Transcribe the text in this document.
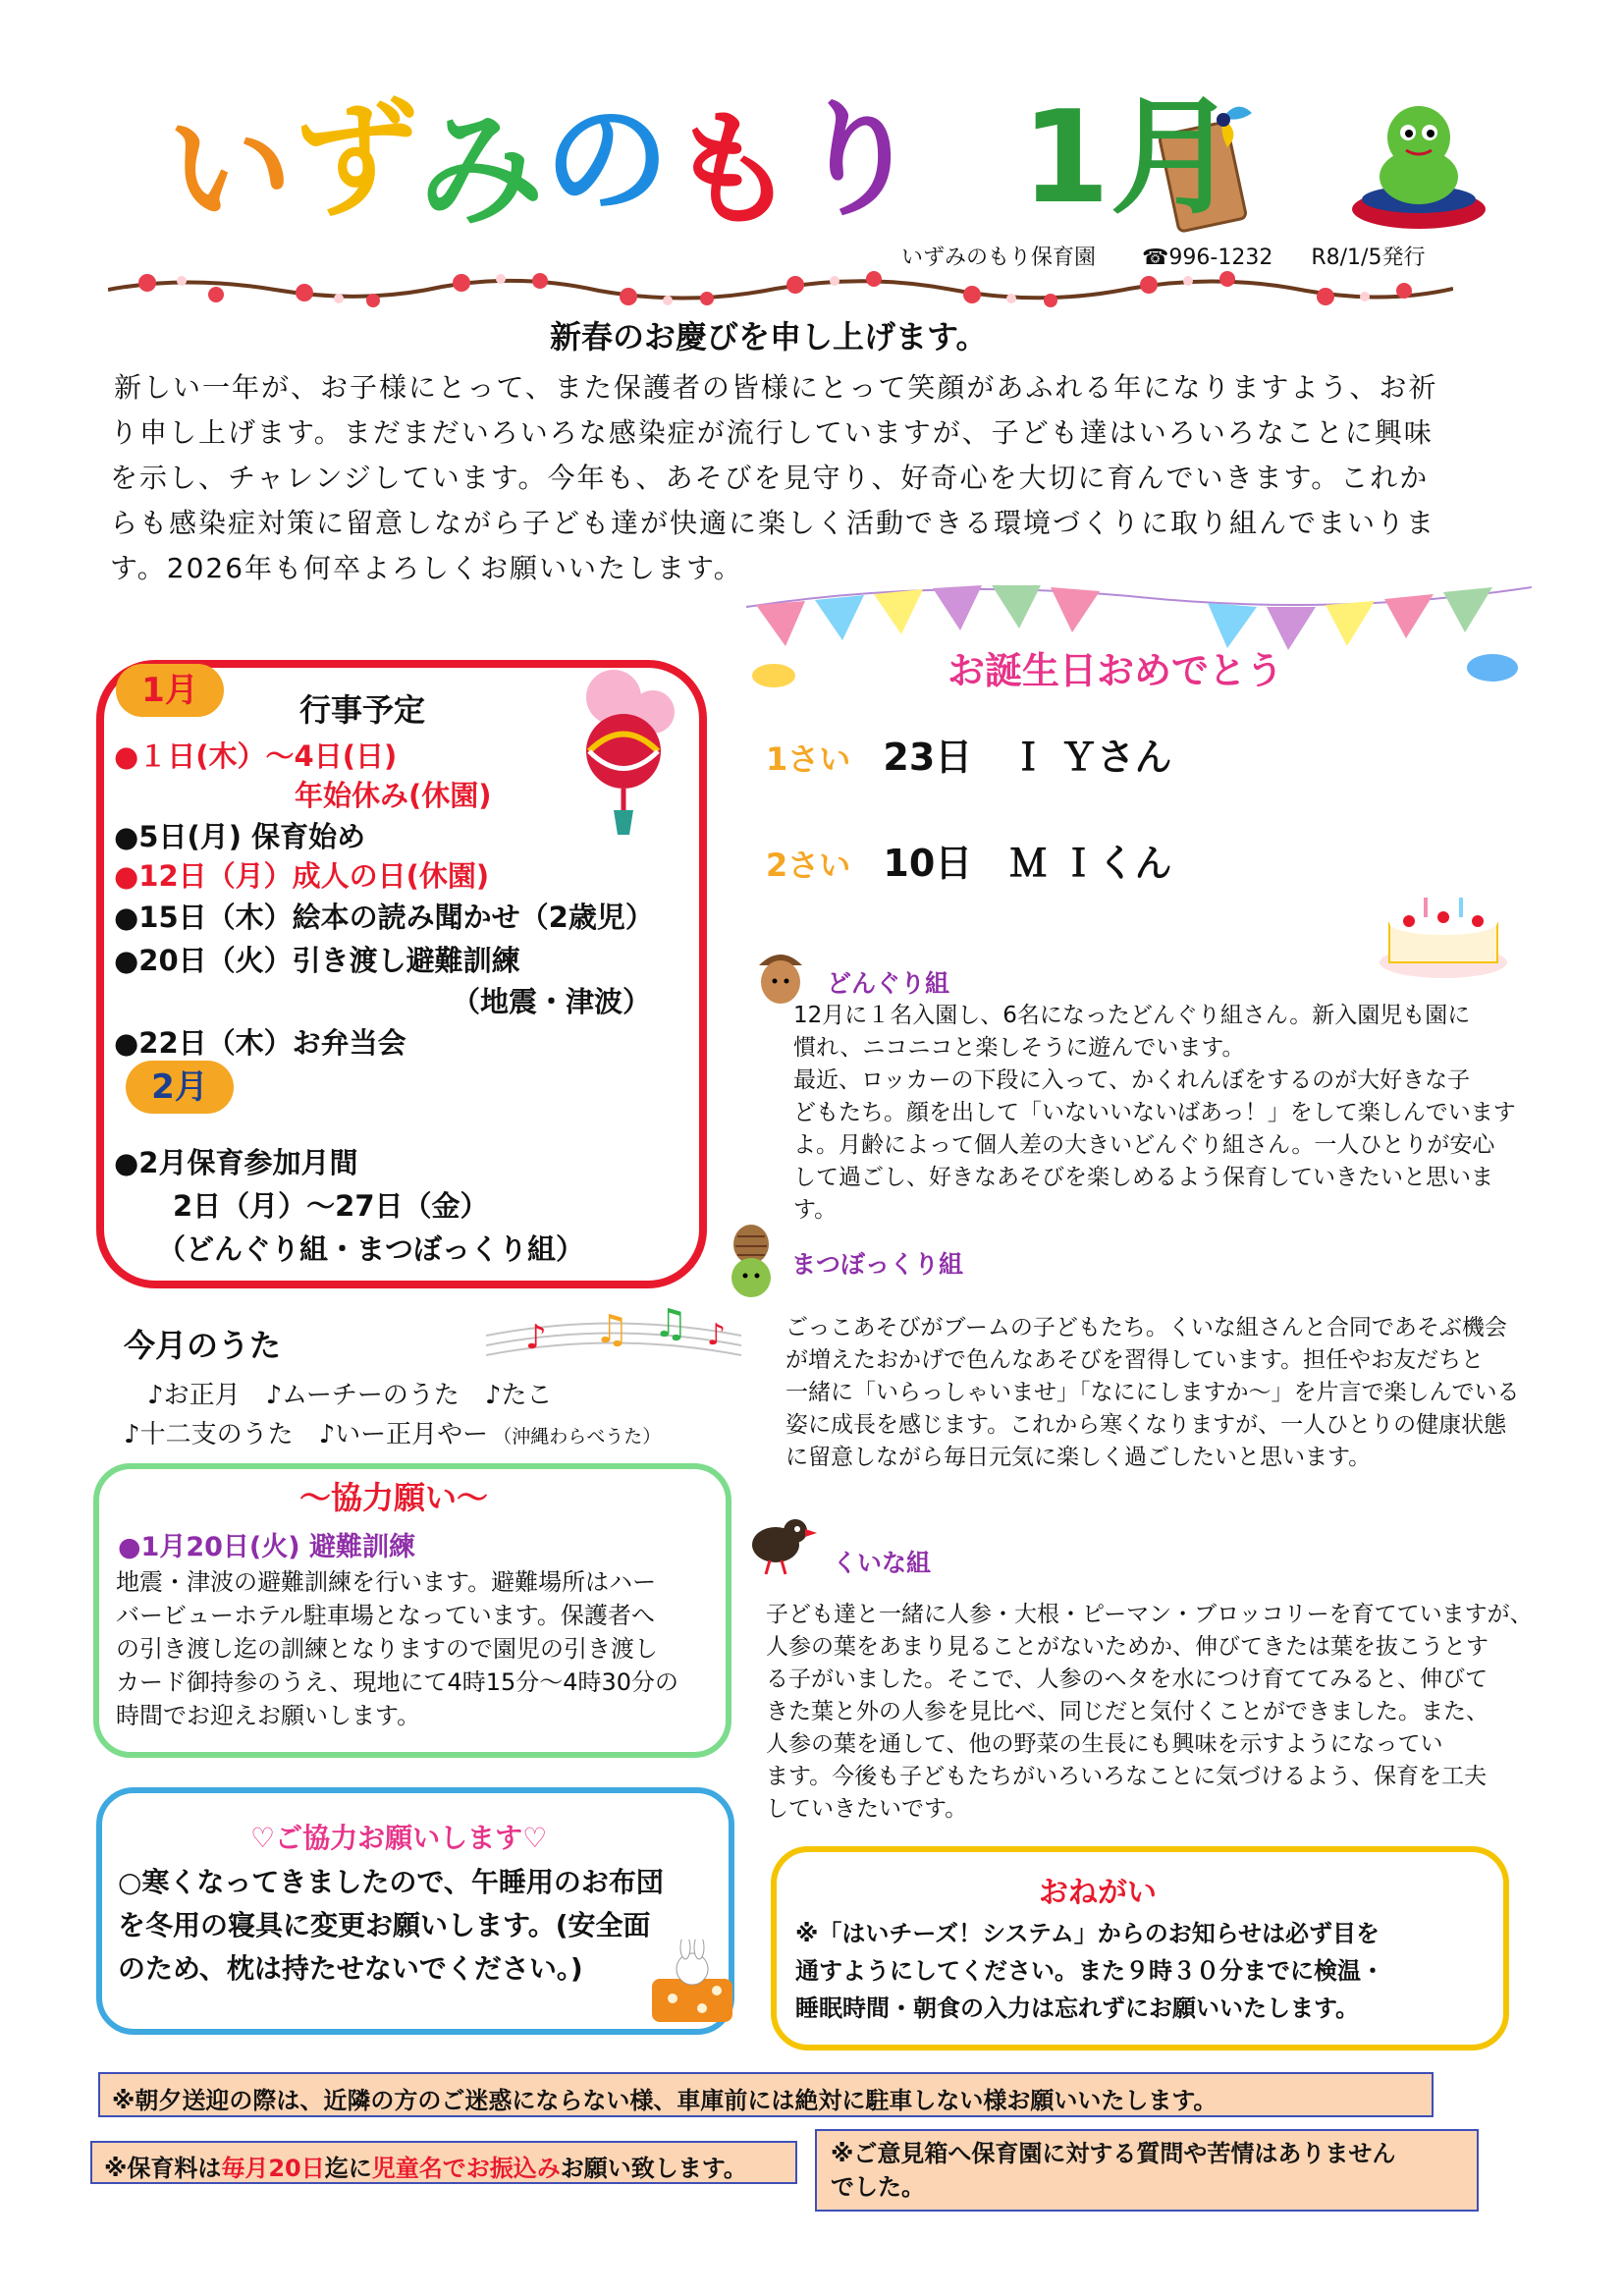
い ず み の も り 1月
いずみのもり保育園 ☎996-1232 R8/1/5発行
新春のお慶びを申し上げます。
新しい一年が、お子様にとって、また保護者の皆様にとって笑顔があふれる年になりますよう、お祈
り申し上げます。まだまだいろいろな感染症が流行していますが、子ども達はいろいろなことに興味
を示し、チャレンジしています。今年も、あそびを見守り、好奇心を大切に育んでいきます。これか
らも感染症対策に留意しながら子ども達が快適に楽しく活動できる環境づくりに取り組んでまいりま
す。2026年も何卒よろしくお願いいたします。
1月	行事予定
●１日(木）～4日(日)
年始休み(休園)
●5日(月) 保育始め
●12日（月）成人の日(休園)
●15日（木）絵本の読み聞かせ（2歳児）
●20日（火）引き渡し避難訓練
（地震・津波）
●22日（木）お弁当会
2月
●2月保育参加月間
2日（月）～27日（金）
（どんぐり組・まつぼっくり組）
お誕生日おめでとう
1さい 23日　Ｉ Ｙさん
2さい 10日　Ｍ Ｉくん
どんぐり組
12月に１名入園し、6名になったどんぐり組さん。新入園児も園に
慣れ、ニコニコと楽しそうに遊んでいます。
最近、ロッカーの下段に入って、かくれんぼをするのが大好きな子
どもたち。顔を出して「いないいないばあっ！」をして楽しんでいます
よ。月齢によって個人差の大きいどんぐり組さん。一人ひとりが安心
して過ごし、好きなあそびを楽しめるよう保育していきたいと思いま
す。
まつぼっくり組
ごっこあそびがブームの子どもたち。くいな組さんと合同であそぶ機会
が増えたおかげで色んなあそびを習得しています。担任やお友だちと
一緒に「いらっしゃいませ」「なににしますか～」を片言で楽しんでいる
姿に成長を感じます。これから寒くなりますが、一人ひとりの健康状態
に留意しながら毎日元気に楽しく過ごしたいと思います。
くいな組
子ども達と一緒に人参・大根・ピーマン・ブロッコリーを育てていますが、
人参の葉をあまり見ることがないためか、伸びてきたは葉を抜こうとす
る子がいました。そこで、人参のヘタを水につけ育ててみると、伸びて
きた葉と外の人参を見比べ、同じだと気付くことができました。また、
人参の葉を通して、他の野菜の生長にも興味を示すようになってい
ます。今後も子どもたちがいろいろなことに気づけるよう、保育を工夫
していきたいです。
今月のうた	♪ ♫ ♫ ♪
♪お正月　♪ムーチーのうた　♪たこ
♪十二支のうた　♪いー正月やー （沖縄わらべうた）
～協力願い～
●1月20日(火) 避難訓練
地震・津波の避難訓練を行います。避難場所はハー
バービューホテル駐車場となっています。保護者へ
の引き渡し迄の訓練となりますので園児の引き渡し
カード御持参のうえ、現地にて4時15分～4時30分の
時間でお迎えお願いします。
♡ご協力お願いします♡
○寒くなってきましたので、午睡用のお布団
を冬用の寝具に変更お願いします。(安全面
のため、枕は持たせないでください。)
おねがい
※「はいチーズ！システム」からのお知らせは必ず目を
通すようにしてください。また９時３０分までに検温・
睡眠時間・朝食の入力は忘れずにお願いいたします。
※朝夕送迎の際は、近隣の方のご迷惑にならない様、車庫前には絶対に駐車しない様お願いいたします。
※保育料は毎月20日迄に児童名でお振込みお願い致します。
※ご意見箱へ保育園に対する質問や苦情はありません
でした。
